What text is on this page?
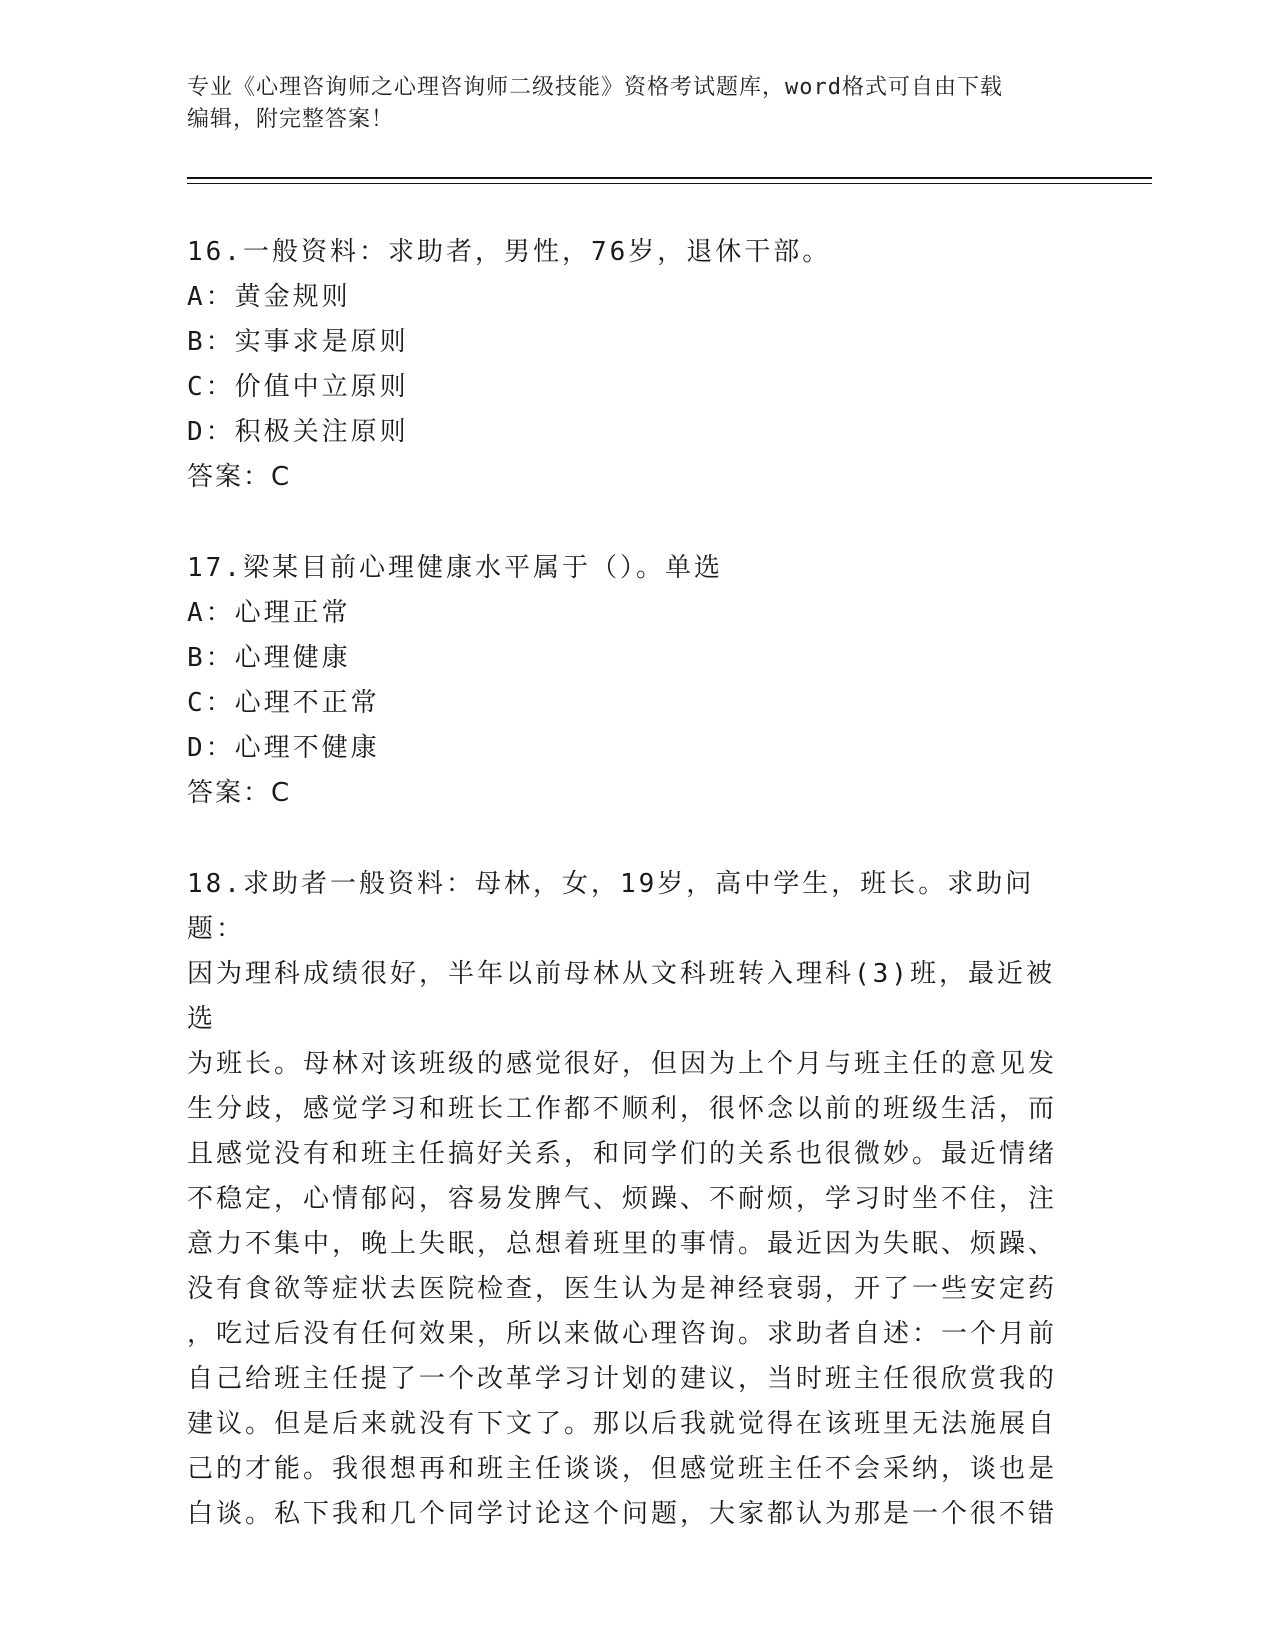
专业《心理咨询师之心理咨询师二级技能》资格考试题库，word格式可自由下载
编辑，附完整答案！

16.一般资料：求助者，男性，76岁，退休干部。

A：黄金规则

B：实事求是原则

C：价值中立原则

D：积极关注原则

答案：C

17.梁某目前心理健康水平属于（）。单选

A：心理正常

B：心理健康

C：心理不正常

D：心理不健康

答案：C

18.求助者一般资料：母林，女，19岁，高中学生，班长。求助问题：

因为理科成绩很好，半年以前母林从文科班转入理科(3)班，最近被选

为班长。母林对该班级的感觉很好，但因为上个月与班主任的意见发

生分歧，感觉学习和班长工作都不顺利，很怀念以前的班级生活，而

且感觉没有和班主任搞好关系，和同学们的关系也很微妙。最近情绪

不稳定，心情郁闷，容易发脾气、烦躁、不耐烦，学习时坐不住，注

意力不集中，晚上失眠，总想着班里的事情。最近因为失眠、烦躁、

没有食欲等症状去医院检查，医生认为是神经衰弱，开了一些安定药

，吃过后没有任何效果，所以来做心理咨询。求助者自述：一个月前

自己给班主任提了一个改革学习计划的建议，当时班主任很欣赏我的

建议。但是后来就没有下文了。那以后我就觉得在该班里无法施展自

己的才能。我很想再和班主任谈谈，但感觉班主任不会采纳，谈也是

白谈。私下我和几个同学讨论这个问题，大家都认为那是一个很不错
